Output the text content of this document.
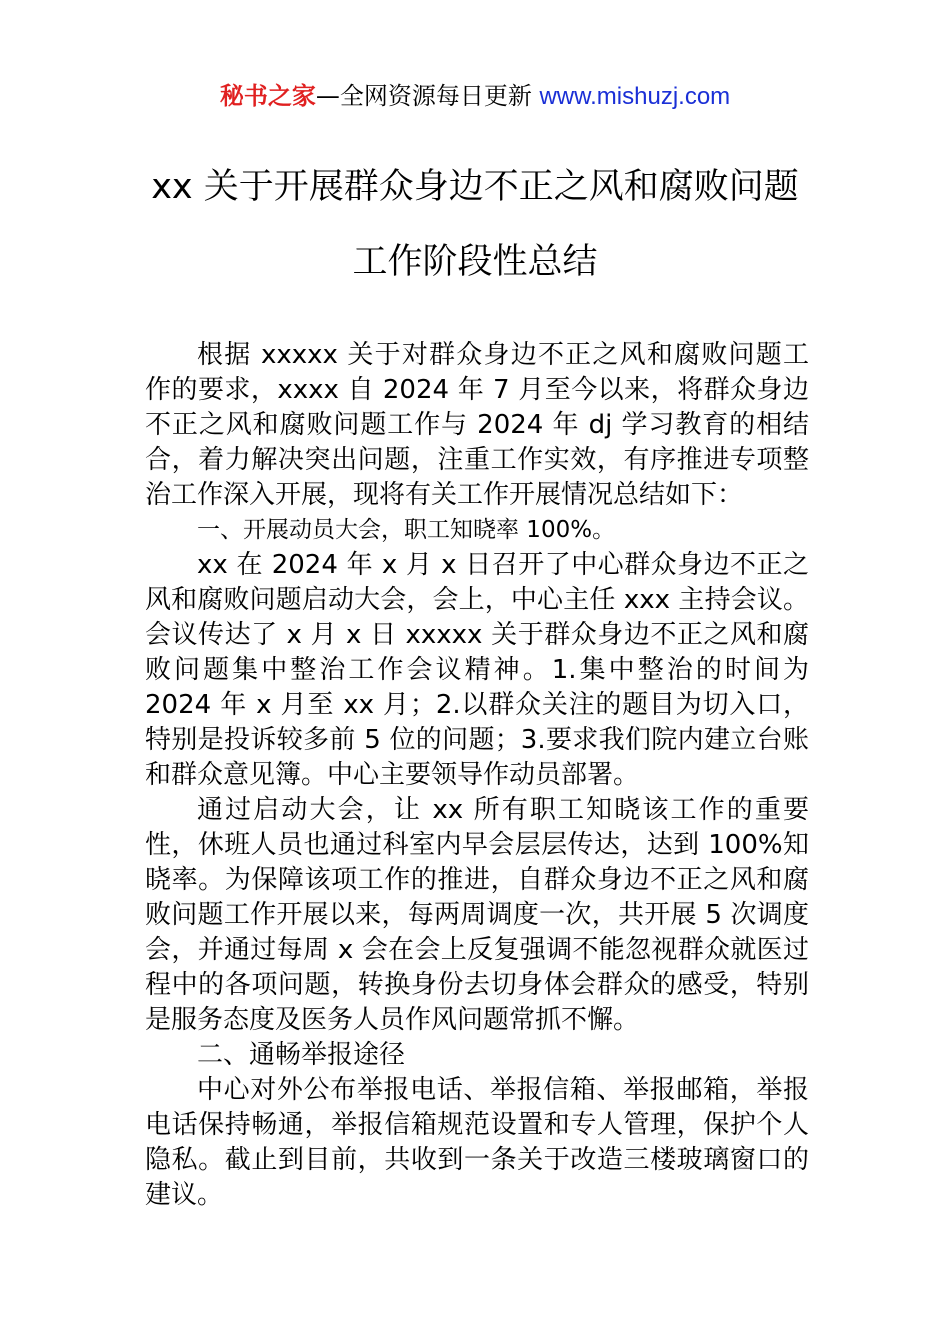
秘书之家—全网资源每日更新 www.mishuzj.com
xx 关于开展群众身边不正之风和腐败问题
工作阶段性总结

根据 xxxxx 关于对群众身边不正之风和腐败问题工作的要求，xxxx 自 2024 年 7 月至今以来，将群众身边不正之风和腐败问题工作与 2024 年 dj 学习教育的相结合，着力解决突出问题，注重工作实效，有序推进专项整治工作深入开展，现将有关工作开展情况总结如下：

一、开展动员大会，职工知晓率 100%。

xx 在 2024 年 x 月 x 日召开了中心群众身边不正之风和腐败问题启动大会，会上，中心主任 xxx 主持会议。会议传达了 x 月 x 日 xxxxx 关于群众身边不正之风和腐败问题集中整治工作会议精神。1.集中整治的时间为 2024 年 x 月至 xx 月；2.以群众关注的题目为切入口，特别是投诉较多前 5 位的问题；3.要求我们院内建立台账和群众意见簿。中心主要领导作动员部署。

通过启动大会，让 xx 所有职工知晓该工作的重要性，休班人员也通过科室内早会层层传达，达到 100%知晓率。为保障该项工作的推进，自群众身边不正之风和腐败问题工作开展以来，每两周调度一次，共开展 5 次调度会，并通过每周 x 会在会上反复强调不能忽视群众就医过程中的各项问题，转换身份去切身体会群众的感受，特别是服务态度及医务人员作风问题常抓不懈。

二、通畅举报途径

中心对外公布举报电话、举报信箱、举报邮箱，举报电话保持畅通，举报信箱规范设置和专人管理，保护个人隐私。截止到目前，共收到一条关于改造三楼玻璃窗口的建议。
